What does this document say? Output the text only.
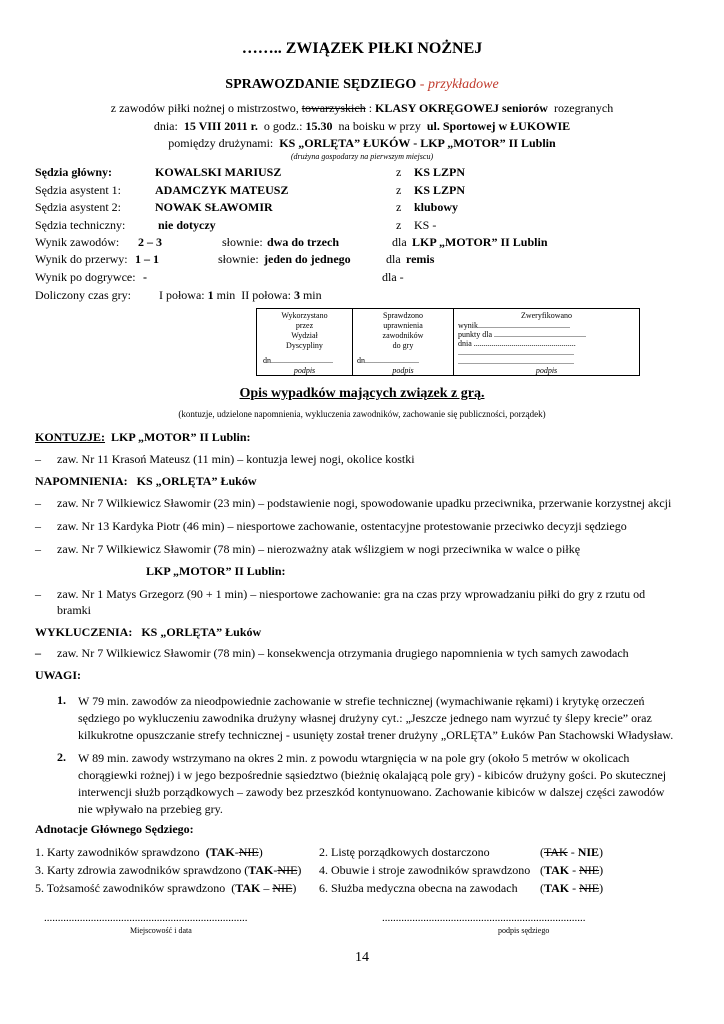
…….. ZWIĄZEK PIŁKI NOŻNEJ
SPRAWOZDANIE SĘDZIEGO - przykładowe
z zawodów piłki nożnej o mistrzostwo, towarzyskich : KLASY OKRĘGOWEJ seniorów rozegranych
dnia: 15 VIII 2011 r. o godz.: 15.30 na boisku w przy ul. Sportowej w ŁUKOWIE
pomiędzy drużynami: KS „ORLĘTA” ŁUKÓW - LKP „MOTOR” II Lublin
(drużyna gospodarzy na pierwszym miejscu)
Sędzia główny:	KOWALSKI MARIUSZ	z KS LZPN
Sędzia asystent 1:	ADAMCZYK MATEUSZ	z KS LZPN
Sędzia asystent 2:	NOWAK SŁAWOMIR	z klubowy
Sędzia techniczny:	nie dotyczy	z KS -
Wynik zawodów: 2 – 3	słownie: dwa do trzech	dla LKP „MOTOR” II Lublin
Wynik do przerwy: 1 – 1	słownie: jeden do jednego	dla remis
Wynik po dogrywce: -	dla -
Doliczony czas gry: I połowa: 1 min II połowa: 3 min
Wykorzystano
przez
Wydział
Dyscypliny
dn...............................
podpis
Sprawdzono
uprawnienia
zawodników
do gry
dn...........................
podpis
Zweryfikowano
wynik..............................................
punkty dla ..............................................
dnia ...................................................
..........................................................
..........................................................
podpis
Opis wypadków mających związek z grą.
(kontuzje, udzielone napomnienia, wykluczenia zawodników, zachowanie się publiczności, porządek)
KONTUZJE: LKP „MOTOR” II Lublin:
– zaw. Nr 11 Krasoń Mateusz (11 min) – kontuzja lewej nogi, okolice kostki
NAPOMNIENIA: KS „ORLĘTA” Łuków
– zaw. Nr 7 Wilkiewicz Sławomir (23 min) – podstawienie nogi, spowodowanie upadku przeciwnika, przerwanie korzystnej akcji
– zaw. Nr 13 Kardyka Piotr (46 min) – niesportowe zachowanie, ostentacyjne protestowanie przeciwko decyzji sędziego
– zaw. Nr 7 Wilkiewicz Sławomir (78 min) – nierozważny atak wślizgiem w nogi przeciwnika w walce o piłkę
LKP „MOTOR” II Lublin:
– zaw. Nr 1 Matys Grzegorz (90 + 1 min) – niesportowe zachowanie: gra na czas przy wprowadzaniu piłki do gry z rzutu od
bramki
WYKLUCZENIA: KS „ORLĘTA” Łuków
– zaw. Nr 7 Wilkiewicz Sławomir (78 min) – konsekwencja otrzymania drugiego napomnienia w tych samych zawodach
UWAGI:
1. W 79 min. zawodów za nieodpowiednie zachowanie w strefie technicznej (wymachiwanie rękami) i krytykę orzeczeń
sędziego po wykluczeniu zawodnika drużyny własnej drużyny cyt.: „Jeszcze jednego nam wyrzuć ty ślepy krecie” oraz
kilkukrotne opuszczanie strefy technicznej - usunięty został trener drużyny „ORLĘTA” Łuków Pan Stachowski Władysław.
2. W 89 min. zawody wstrzymano na okres 2 min. z powodu wtargnięcia w na pole gry (około 5 metrów w okolicach
chorągiewki rożnej) i w jego bezpośrednie sąsiedztwo (bieżnię okalającą pole gry) - kibiców drużyny gości. Po skutecznej
interwencji służb porządkowych – zawody bez przeszkód kontynuowano. Zachowanie kibiców w dalszej części zawodów
nie wpływało na przebieg gry.
Adnotacje Głównego Sędziego:
1. Karty zawodników sprawdzono (TAK-NIE)	2. Listę porządkowych dostarczono	(TAK - NIE)
3. Karty zdrowia zawodników sprawdzono (TAK-NIE) 4. Obuwie i stroje zawodników sprawdzono (TAK - NIE)
5. Tożsamość zawodników sprawdzono (TAK – NIE) 6. Służba medyczna obecna na zawodach (TAK - NIE)
..........................................................................
Miejscowość i data
..........................................................................
podpis sędziego
14
